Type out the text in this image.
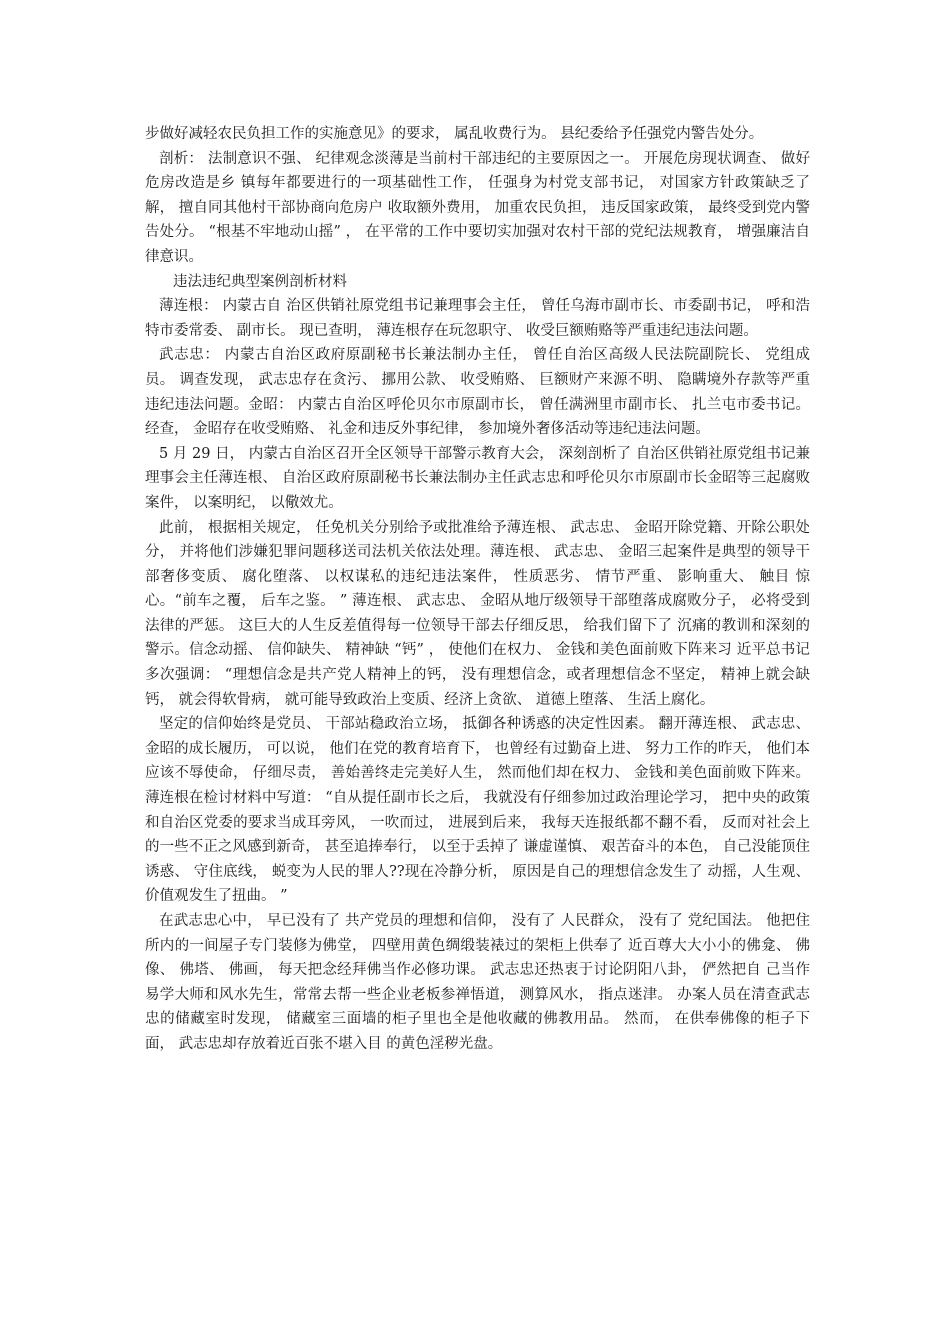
步做好减轻农民负担工作的实施意见》的要求， 属乱收费行为。 县纪委给予任强党内警告处分。

剖析： 法制意识不强、 纪律观念淡薄是当前村干部违纪的主要原因之一。 开展危房现状调查、 做好危房改造是乡 镇每年都要进行的一项基础性工作， 任强身为村党支部书记， 对国家方针政策缺乏了 解， 擅自同其他村干部协商向危房户 收取额外费用， 加重农民负担， 违反国家政策， 最终受到党内警告处分。 “根基不牢地动山摇” ， 在平常的工作中要切实加强对农村干部的党纪法规教育， 增强廉洁自律意识。

违法违纪典型案例剖析材料

薄连根： 内蒙古自 治区供销社原党组书记兼理事会主任， 曾任乌海市副市长、市委副书记， 呼和浩特市委常委、 副市长。 现已查明， 薄连根存在玩忽职守、 收受巨额贿赂等严重违纪违法问题。

武志忠： 内蒙古自治区政府原副秘书长兼法制办主任， 曾任自治区高级人民法院副院长、 党组成员。 调查发现， 武志忠存在贪污、 挪用公款、 收受贿赂、 巨额财产来源不明、 隐瞒境外存款等严重违纪违法问题。金昭： 内蒙古自治区呼伦贝尔市原副市长， 曾任满洲里市副市长、 扎兰屯市委书记。 经查， 金昭存在收受贿赂、 礼金和违反外事纪律， 参加境外奢侈活动等违纪违法问题。

5 月 29 日， 内蒙古自治区召开全区领导干部警示教育大会， 深刻剖析了 自治区供销社原党组书记兼理事会主任薄连根、 自治区政府原副秘书长兼法制办主任武志忠和呼伦贝尔市原副市长金昭等三起腐败案件， 以案明纪， 以儆效尤。

此前， 根据相关规定， 任免机关分别给予或批准给予薄连根、 武志忠、 金昭开除党籍、开除公职处分， 并将他们涉嫌犯罪问题移送司法机关依法处理。薄连根、 武志忠、 金昭三起案件是典型的领导干部奢侈变质、 腐化堕落、 以权谋私的违纪违法案件， 性质恶劣、 情节严重、 影响重大、 触目 惊心。“前车之覆， 后车之鉴。 ” 薄连根、 武志忠、 金昭从地厅级领导干部堕落成腐败分子， 必将受到法律的严惩。 这巨大的人生反差值得每一位领导干部去仔细反思， 给我们留下了 沉痛的教训和深刻的警示。信念动摇、 信仰缺失、 精神缺 “钙” ， 使他们在权力、 金钱和美色面前败下阵来习 近平总书记多次强调： “理想信念是共产党人精神上的钙， 没有理想信念，或者理想信念不坚定， 精神上就会缺钙， 就会得软骨病， 就可能导致政治上变质、经济上贪欲、 道德上堕落、 生活上腐化。

坚定的信仰始终是党员、 干部站稳政治立场， 抵御各种诱惑的决定性因素。 翻开薄连根、 武志忠、 金昭的成长履历， 可以说， 他们在党的教育培育下， 也曾经有过勤奋上进、 努力工作的昨天， 他们本应该不辱使命， 仔细尽责， 善始善终走完美好人生， 然而他们却在权力、 金钱和美色面前败下阵来。薄连根在检讨材料中写道： “自从提任副市长之后， 我就没有仔细参加过政治理论学习， 把中央的政策和自治区党委的要求当成耳旁风， 一吹而过， 进展到后来， 我每天连报纸都不翻不看， 反而对社会上的一些不正之风感到新奇， 甚至追捧奉行， 以至于丢掉了 谦虚谨慎、 艰苦奋斗的本色， 自己没能顶住诱惑、 守住底线， 蜕变为人民的罪人??现在冷静分析， 原因是自己的理想信念发生了 动摇，人生观、 价值观发生了扭曲。 ”

在武志忠心中， 早已没有了 共产党员的理想和信仰， 没有了 人民群众， 没有了 党纪国法。 他把住所内的一间屋子专门装修为佛堂， 四壁用黄色绸缎装裱过的架柜上供奉了 近百尊大大小小的佛龛、 佛像、 佛塔、 佛画， 每天把念经拜佛当作必修功课。 武志忠还热衷于讨论阴阳八卦， 俨然把自 己当作易学大师和风水先生，常常去帮一些企业老板参禅悟道， 测算风水， 指点迷津。 办案人员在清查武志忠的储藏室时发现， 储藏室三面墙的柜子里也全是他收藏的佛教用品。 然而， 在供奉佛像的柜子下面， 武志忠却存放着近百张不堪入目 的黄色淫秽光盘。
